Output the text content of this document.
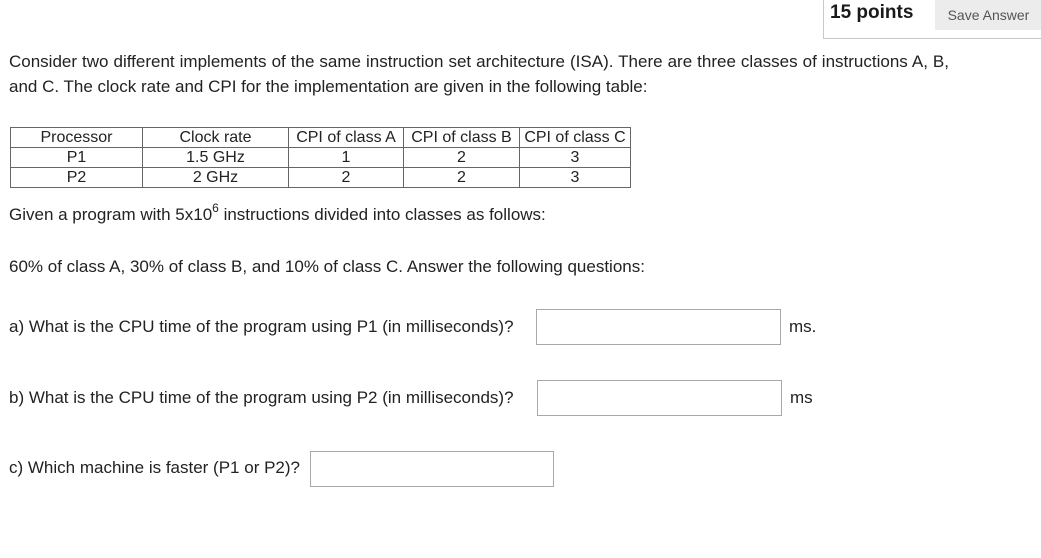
15 points	Save Answer

Consider two different implements of the same instruction set architecture (ISA). There are three classes of instructions A, B, and C. The clock rate and CPI for the implementation are given in the following table:

Processor	Clock rate	CPI of class A	CPI of class B	CPI of class C
P1	1.5 GHz	1	2	3
P2	2 GHz	2	2	3

Given a program with $5x10^6$ instructions divided into classes as follows:

60% of class A, 30% of class B, and 10% of class C. Answer the following questions:

a) What is the CPU time of the program using P1 (in milliseconds)?	ms.

b) What is the CPU time of the program using P2 (in milliseconds)?	ms

c) Which machine is faster (P1 or P2)?
